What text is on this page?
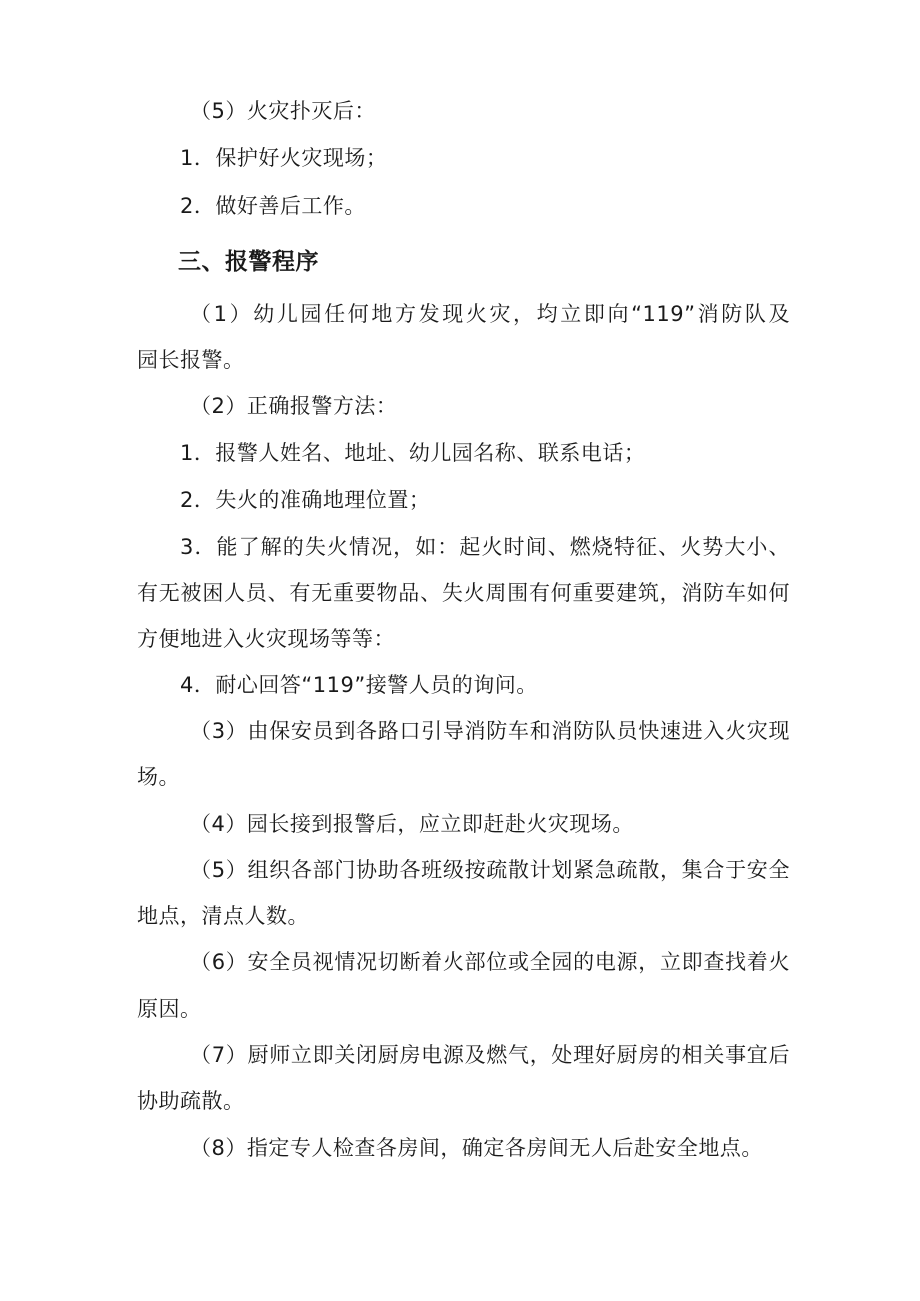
（5）火灾扑灭后：
1．保护好火灾现场；
2．做好善后工作。
三、报警程序
（1）幼儿园任何地方发现火灾，均立即向“119”消防队及
园长报警。
（2）正确报警方法：
1．报警人姓名、地址、幼儿园名称、联系电话；
2．失火的准确地理位置；
3．能了解的失火情况，如：起火时间、燃烧特征、火势大小、
有无被困人员、有无重要物品、失火周围有何重要建筑，消防车如何
方便地进入火灾现场等等：
4．耐心回答“119”接警人员的询问。
（3）由保安员到各路口引导消防车和消防队员快速进入火灾现
场。
（4）园长接到报警后，应立即赶赴火灾现场。
（5）组织各部门协助各班级按疏散计划紧急疏散，集合于安全
地点，清点人数。
（6）安全员视情况切断着火部位或全园的电源，立即查找着火
原因。
（7）厨师立即关闭厨房电源及燃气，处理好厨房的相关事宜后
协助疏散。
（8）指定专人检查各房间，确定各房间无人后赴安全地点。
